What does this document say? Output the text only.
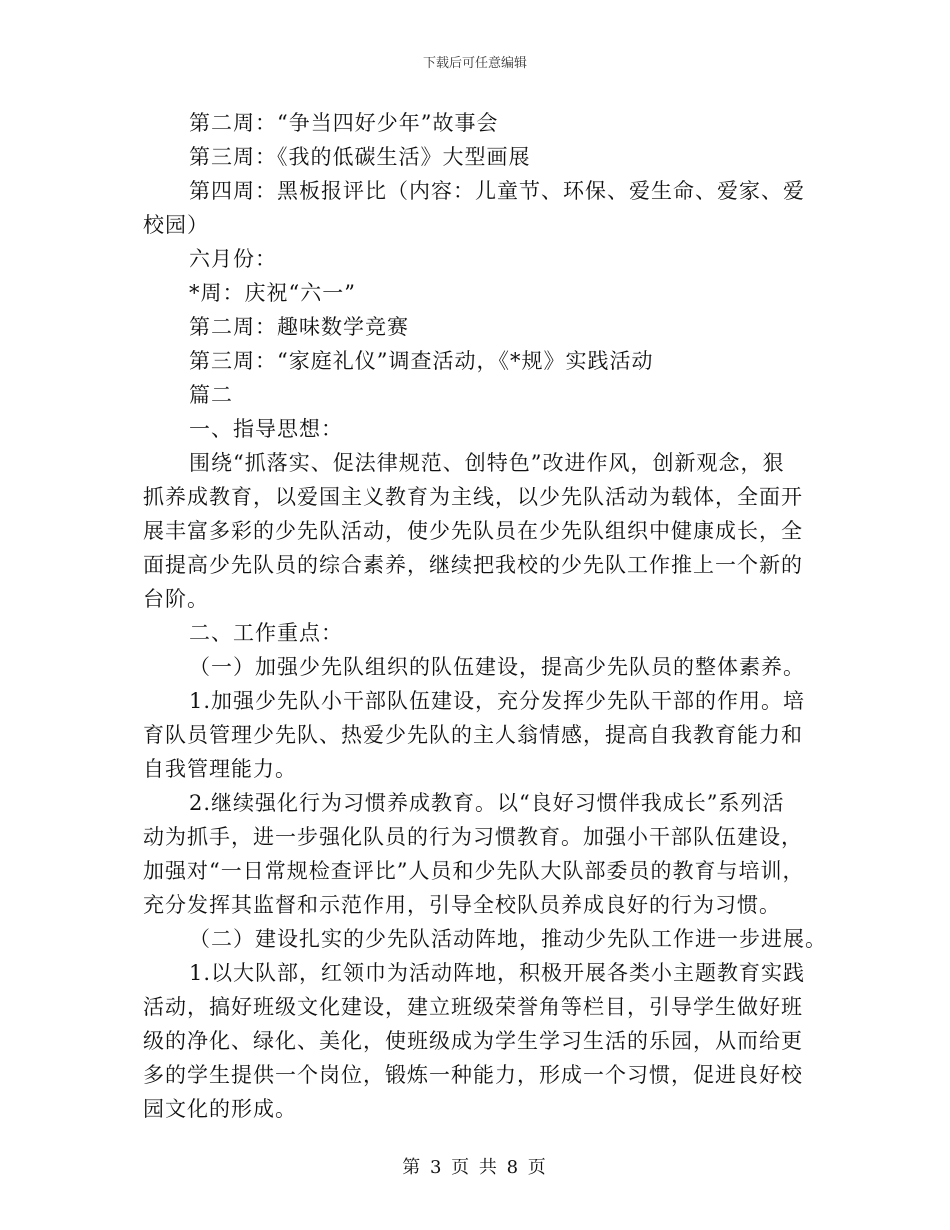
下载后可任意编辑
第二周：“争当四好少年”故事会
第三周：《我的低碳生活》大型画展
第四周：黑板报评比（内容：儿童节、环保、爱生命、爱家、爱
校园）
六月份：
*周：庆祝“六一”
第二周：趣味数学竞赛
第三周：“家庭礼仪”调查活动，《*规》实践活动
篇二
一、指导思想：
围绕“抓落实、促法律规范、创特色”改进作风，创新观念，狠
抓养成教育，以爱国主义教育为主线，以少先队活动为载体，全面开
展丰富多彩的少先队活动，使少先队员在少先队组织中健康成长，全
面提高少先队员的综合素养，继续把我校的少先队工作推上一个新的
台阶。
二、工作重点：
（一）加强少先队组织的队伍建设，提高少先队员的整体素养。
1.加强少先队小干部队伍建设，充分发挥少先队干部的作用。培
育队员管理少先队、热爱少先队的主人翁情感，提高自我教育能力和
自我管理能力。
2.继续强化行为习惯养成教育。以“良好习惯伴我成长”系列活
动为抓手，进一步强化队员的行为习惯教育。加强小干部队伍建设，
加强对“一日常规检查评比”人员和少先队大队部委员的教育与培训，
充分发挥其监督和示范作用，引导全校队员养成良好的行为习惯。
（二）建设扎实的少先队活动阵地，推动少先队工作进一步进展。
1.以大队部，红领巾为活动阵地，积极开展各类小主题教育实践
活动，搞好班级文化建设，建立班级荣誉角等栏目，引导学生做好班
级的净化、绿化、美化，使班级成为学生学习生活的乐园，从而给更
多的学生提供一个岗位，锻炼一种能力，形成一个习惯，促进良好校
园文化的形成。
第 3 页 共 8 页
